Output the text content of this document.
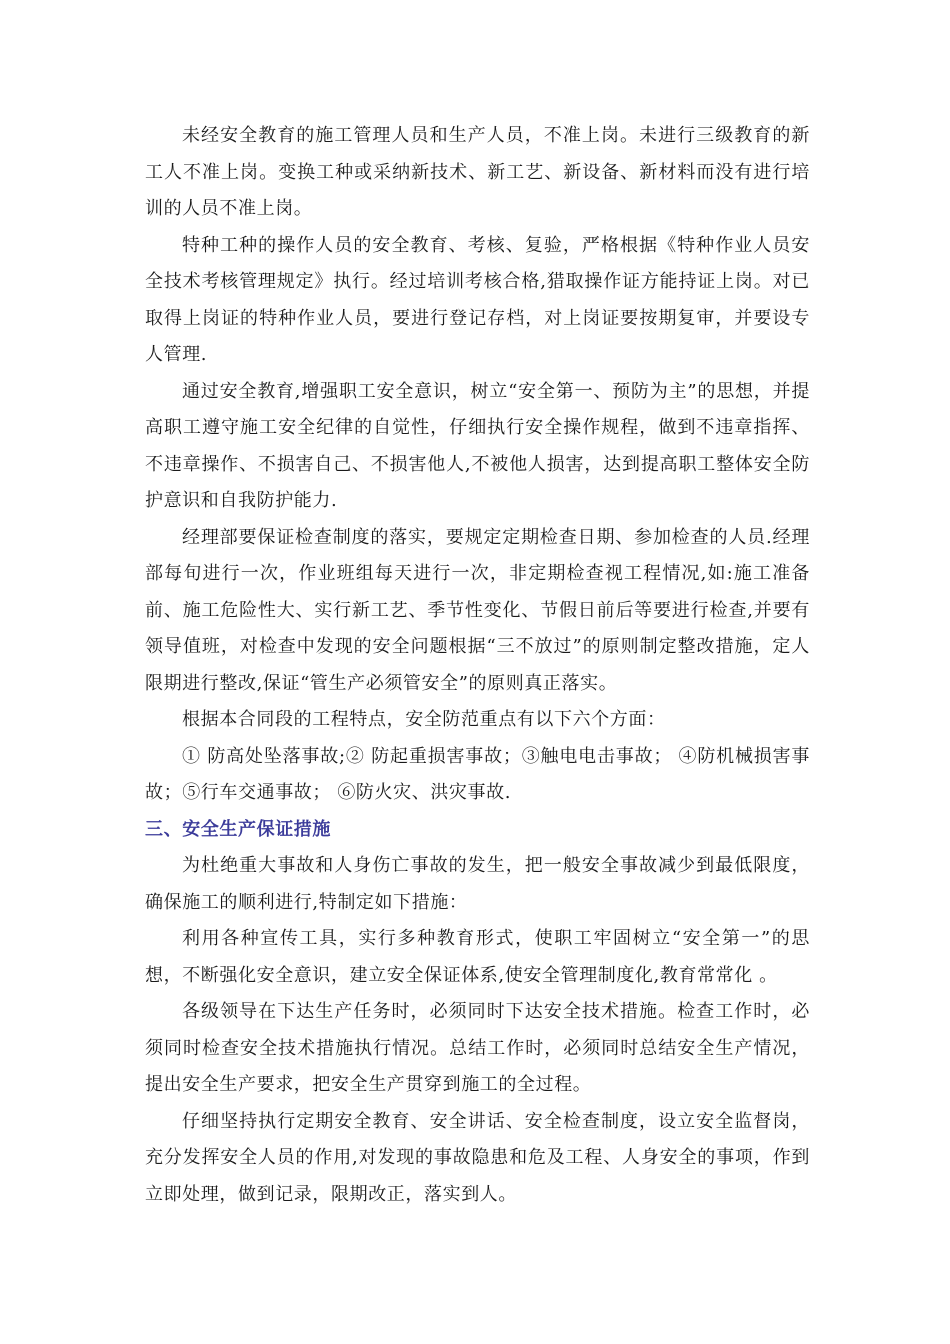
未经安全教育的施工管理人员和生产人员，不准上岗。未进行三级教育的新工人不准上岗。变换工种或采纳新技术、新工艺、新设备、新材料而没有进行培训的人员不准上岗。

特种工种的操作人员的安全教育、考核、复验，严格根据《特种作业人员安全技术考核管理规定》执行。经过培训考核合格,猎取操作证方能持证上岗。对已取得上岗证的特种作业人员，要进行登记存档，对上岗证要按期复审，并要设专人管理.

通过安全教育,增强职工安全意识，树立“安全第一、预防为主”的思想，并提高职工遵守施工安全纪律的自觉性，仔细执行安全操作规程，做到不违章指挥、不违章操作、不损害自己、不损害他人,不被他人损害，达到提高职工整体安全防护意识和自我防护能力.

经理部要保证检查制度的落实，要规定定期检查日期、参加检查的人员.经理部每旬进行一次，作业班组每天进行一次，非定期检查视工程情况,如:施工准备前、施工危险性大、实行新工艺、季节性变化、节假日前后等要进行检查,并要有领导值班，对检查中发现的安全问题根据“三不放过”的原则制定整改措施，定人限期进行整改,保证“管生产必须管安全”的原则真正落实。

根据本合同段的工程特点，安全防范重点有以下六个方面：

① 防高处坠落事故;② 防起重损害事故；③触电电击事故； ④防机械损害事故；⑤行车交通事故； ⑥防火灾、洪灾事故.

三、安全生产保证措施

为杜绝重大事故和人身伤亡事故的发生，把一般安全事故减少到最低限度，确保施工的顺利进行,特制定如下措施：

利用各种宣传工具，实行多种教育形式，使职工牢固树立“安全第一”的思想，不断强化安全意识，建立安全保证体系,使安全管理制度化,教育常常化 。

各级领导在下达生产任务时，必须同时下达安全技术措施。检查工作时，必须同时检查安全技术措施执行情况。总结工作时，必须同时总结安全生产情况，提出安全生产要求，把安全生产贯穿到施工的全过程。

仔细坚持执行定期安全教育、安全讲话、安全检查制度，设立安全监督岗，充分发挥安全人员的作用,对发现的事故隐患和危及工程、人身安全的事项，作到立即处理，做到记录，限期改正，落实到人。
